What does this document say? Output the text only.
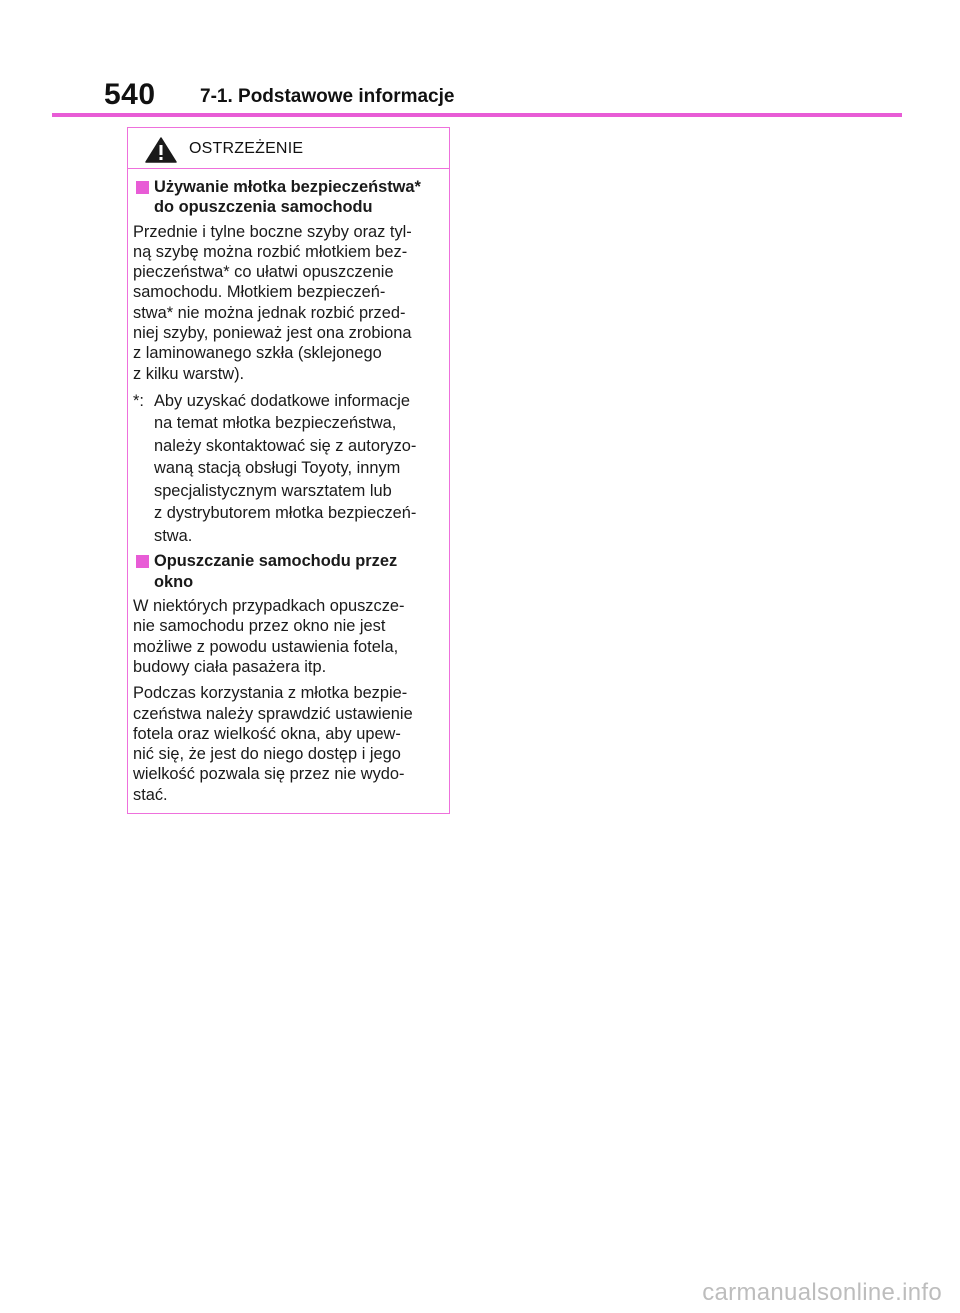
540 7-1. Podstawowe informacje
OSTRZEŻENIE
Używanie młotka bezpieczeństwa*
do opuszczenia samochodu
Przednie i tylne boczne szyby oraz tyl-
ną szybę można rozbić młotkiem bez-
pieczeństwa* co ułatwi opuszczenie
samochodu. Młotkiem bezpieczeń-
stwa* nie można jednak rozbić przed-
niej szyby, ponieważ jest ona zrobiona
z laminowanego szkła (sklejonego
z kilku warstw).
*: Aby uzyskać dodatkowe informacje
na temat młotka bezpieczeństwa,
należy skontaktować się z autoryzo-
waną stacją obsługi Toyoty, innym
specjalistycznym warsztatem lub
z dystrybutorem młotka bezpieczeń-
stwa.
Opuszczanie samochodu przez
okno
W niektórych przypadkach opuszcze-
nie samochodu przez okno nie jest
możliwe z powodu ustawienia fotela,
budowy ciała pasażera itp.
Podczas korzystania z młotka bezpie-
czeństwa należy sprawdzić ustawienie
fotela oraz wielkość okna, aby upew-
nić się, że jest do niego dostęp i jego
wielkość pozwala się przez nie wydo-
stać.
carmanualsonline.info
